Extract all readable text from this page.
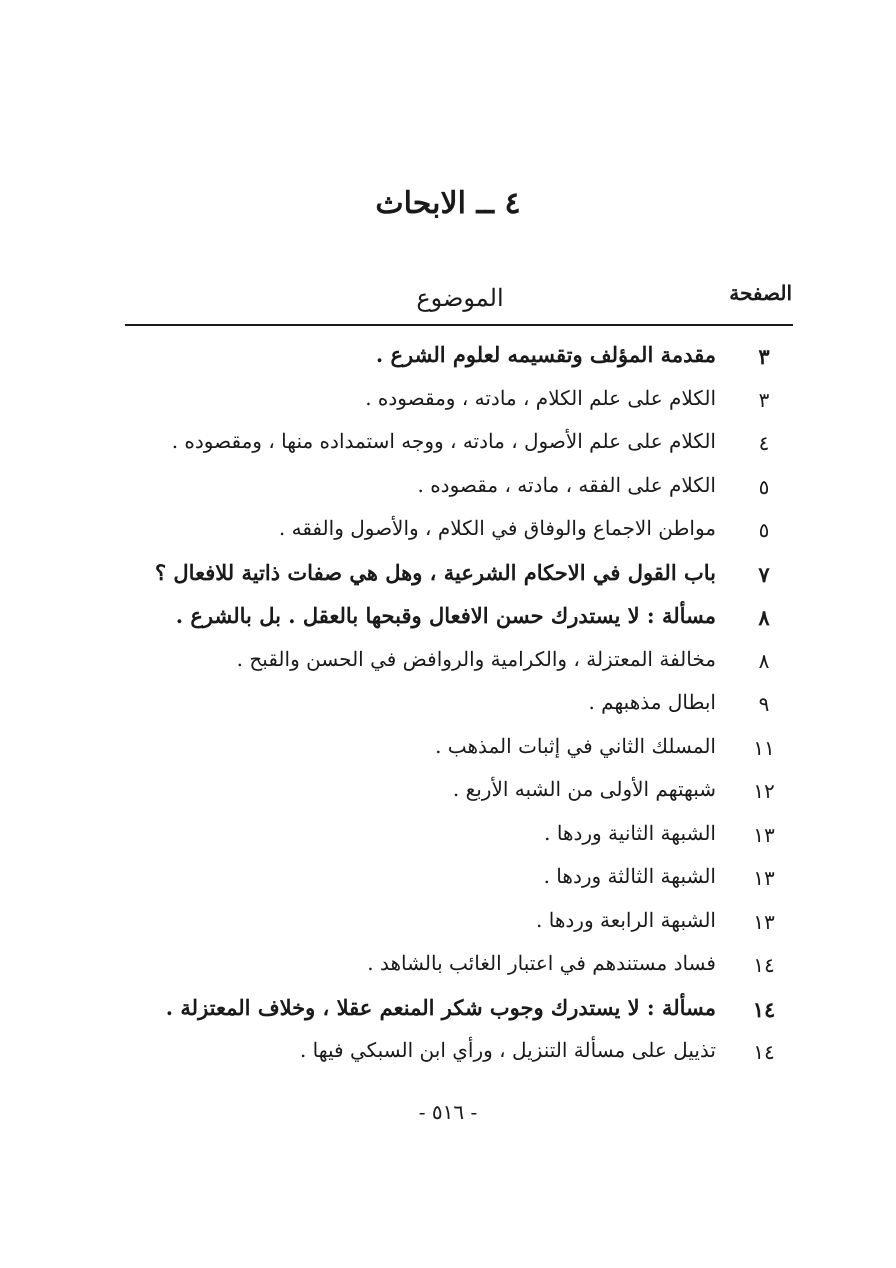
٤ ــ الابحاث
الصفحة
الموضوع
٣
مقدمة المؤلف وتقسيمه لعلوم الشرع .
٣
الكلام على علم الكلام ، مادته ، ومقصوده .
٤
الكلام على علم الأصول ، مادته ، ووجه استمداده منها ، ومقصوده .
٥
الكلام على الفقه ، مادته ، مقصوده .
٥
مواطن الاجماع والوفاق في الكلام ، والأصول والفقه .
٧
باب القول في الاحكام الشرعية ، وهل هي صفات ذاتية للافعال ؟
٨
مسألة : لا يستدرك حسن الافعال وقبحها بالعقل . بل بالشرع .
٨
مخالفة المعتزلة ، والكرامية والروافض في الحسن والقبح .
٩
ابطال مذهبهم .
١١
المسلك الثاني في إثبات المذهب .
١٢
شبهتهم الأولى من الشبه الأربع .
١٣
الشبهة الثانية وردها .
١٣
الشبهة الثالثة وردها .
١٣
الشبهة الرابعة وردها .
١٤
فساد مستندهم في اعتبار الغائب بالشاهد .
١٤
مسألة : لا يستدرك وجوب شكر المنعم عقلا ، وخلاف المعتزلة .
١٤
تذييل على مسألة التنزيل ، ورأي ابن السبكي فيها .
- ٥١٦ -
